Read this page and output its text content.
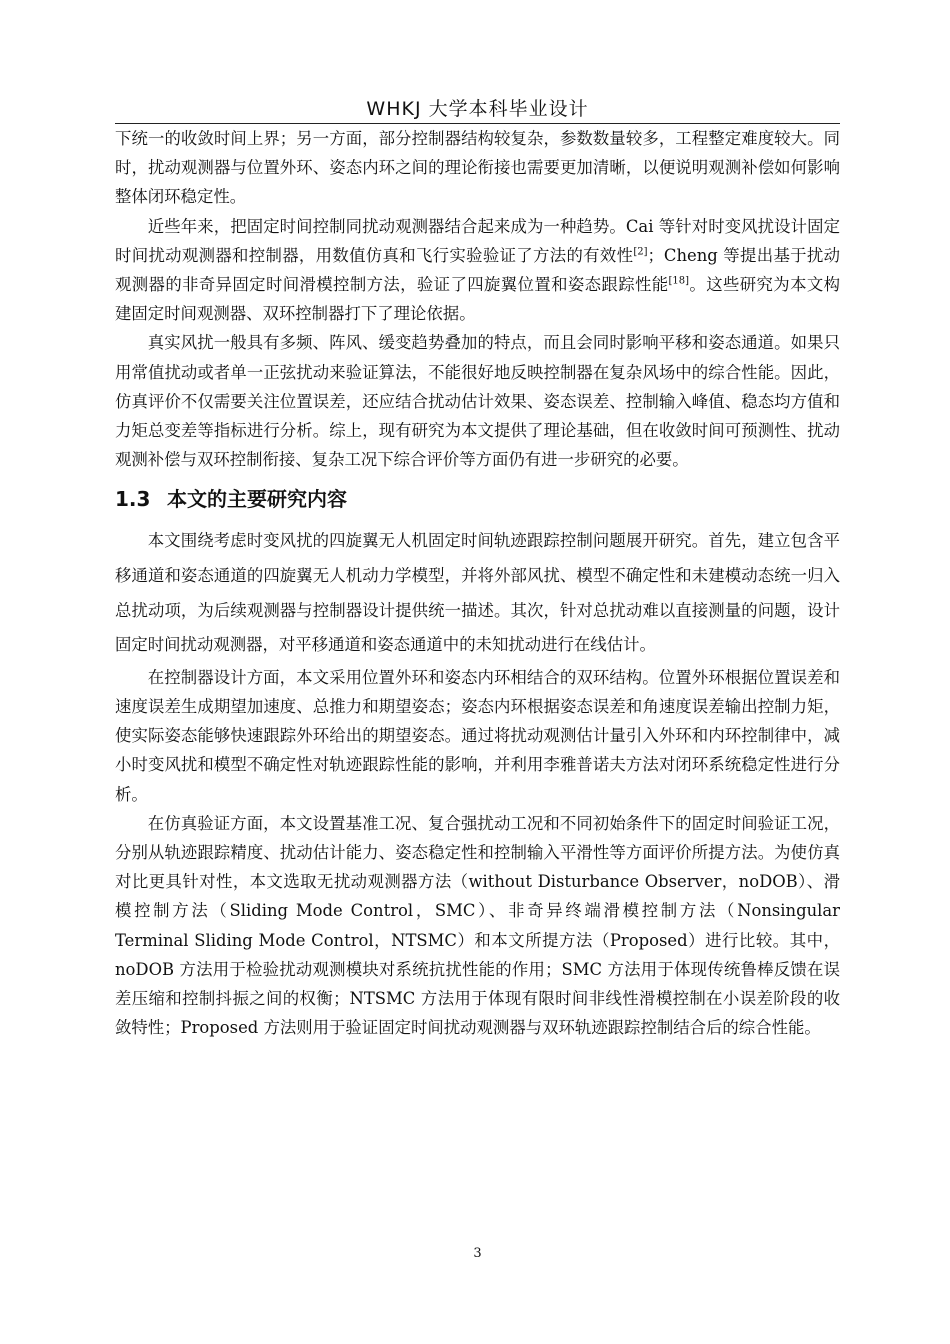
WHKJ 大学本科毕业设计

下统一的收敛时间上界；另一方面，部分控制器结构较复杂，参数数量较多，工程整定难度较大。同时，扰动观测器与位置外环、姿态内环之间的理论衔接也需要更加清晰，以便说明观测补偿如何影响整体闭环稳定性。

近些年来，把固定时间控制同扰动观测器结合起来成为一种趋势。Cai 等针对时变风扰设计固定时间扰动观测器和控制器，用数值仿真和飞行实验验证了方法的有效性[2]；Cheng 等提出基于扰动观测器的非奇异固定时间滑模控制方法，验证了四旋翼位置和姿态跟踪性能[18]。这些研究为本文构建固定时间观测器、双环控制器打下了理论依据。

真实风扰一般具有多频、阵风、缓变趋势叠加的特点，而且会同时影响平移和姿态通道。如果只用常值扰动或者单一正弦扰动来验证算法，不能很好地反映控制器在复杂风场中的综合性能。因此，仿真评价不仅需要关注位置误差，还应结合扰动估计效果、姿态误差、控制输入峰值、稳态均方值和力矩总变差等指标进行分析。综上，现有研究为本文提供了理论基础，但在收敛时间可预测性、扰动观测补偿与双环控制衔接、复杂工况下综合评价等方面仍有进一步研究的必要。

1.3 本文的主要研究内容

本文围绕考虑时变风扰的四旋翼无人机固定时间轨迹跟踪控制问题展开研究。首先，建立包含平移通道和姿态通道的四旋翼无人机动力学模型，并将外部风扰、模型不确定性和未建模动态统一归入总扰动项，为后续观测器与控制器设计提供统一描述。其次，针对总扰动难以直接测量的问题，设计固定时间扰动观测器，对平移通道和姿态通道中的未知扰动进行在线估计。

在控制器设计方面，本文采用位置外环和姿态内环相结合的双环结构。位置外环根据位置误差和速度误差生成期望加速度、总推力和期望姿态；姿态内环根据姿态误差和角速度误差输出控制力矩，使实际姿态能够快速跟踪外环给出的期望姿态。通过将扰动观测估计量引入外环和内环控制律中，减小时变风扰和模型不确定性对轨迹跟踪性能的影响，并利用李雅普诺夫方法对闭环系统稳定性进行分析。

在仿真验证方面，本文设置基准工况、复合强扰动工况和不同初始条件下的固定时间验证工况，分别从轨迹跟踪精度、扰动估计能力、姿态稳定性和控制输入平滑性等方面评价所提方法。为使仿真对比更具针对性，本文选取无扰动观测器方法（without Disturbance Observer，noDOB）、滑模控制方法（Sliding Mode Control，SMC）、非奇异终端滑模控制方法（Nonsingular Terminal Sliding Mode Control，NTSMC）和本文所提方法（Proposed）进行比较。其中，noDOB 方法用于检验扰动观测模块对系统抗扰性能的作用；SMC 方法用于体现传统鲁棒反馈在误差压缩和控制抖振之间的权衡；NTSMC 方法用于体现有限时间非线性滑模控制在小误差阶段的收敛特性；Proposed 方法则用于验证固定时间扰动观测器与双环轨迹跟踪控制结合后的综合性能。

3
